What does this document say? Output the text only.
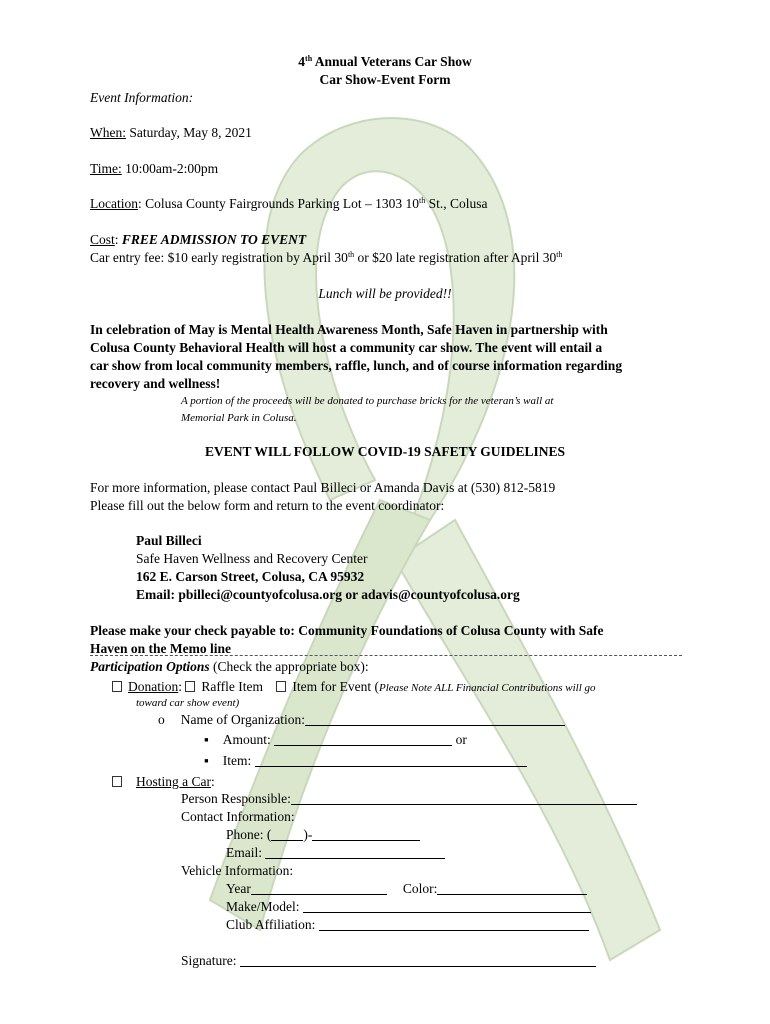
4th Annual Veterans Car Show
Car Show-Event Form
Event Information:
When: Saturday, May 8, 2021
Time: 10:00am-2:00pm
Location: Colusa County Fairgrounds Parking Lot – 1303 10th St., Colusa
Cost: FREE ADMISSION TO EVENT
Car entry fee: $10 early registration by April 30th or $20 late registration after April 30th
Lunch will be provided!!
In celebration of May is Mental Health Awareness Month, Safe Haven in partnership with
Colusa County Behavioral Health will host a community car show. The event will entail a
car show from local community members, raffle, lunch, and of course information regarding
recovery and wellness!
A portion of the proceeds will be donated to purchase bricks for the veteran’s wall at
Memorial Park in Colusa.
EVENT WILL FOLLOW COVID-19 SAFETY GUIDELINES
For more information, please contact Paul Billeci or Amanda Davis at (530) 812-5819
Please fill out the below form and return to the event coordinator:
Paul Billeci
Safe Haven Wellness and Recovery Center
162 E. Carson Street, Colusa, CA 95932
Email: pbilleci@countyofcolusa.org or adavis@countyofcolusa.org
Please make your check payable to: Community Foundations of Colusa County with Safe
Haven on the Memo line
Participation Options (Check the appropriate box):
Donation: Raffle Item Item for Event (Please Note ALL Financial Contributions will go
toward car show event)
o Name of Organization:
▪ Amount:	or
▪ Item:
Hosting a Car:
Person Responsible:
Contact Information:
Phone: ( )-
Email:
Vehicle Information:
Year	Color:
Make/Model:
Club Affiliation:
Signature:
